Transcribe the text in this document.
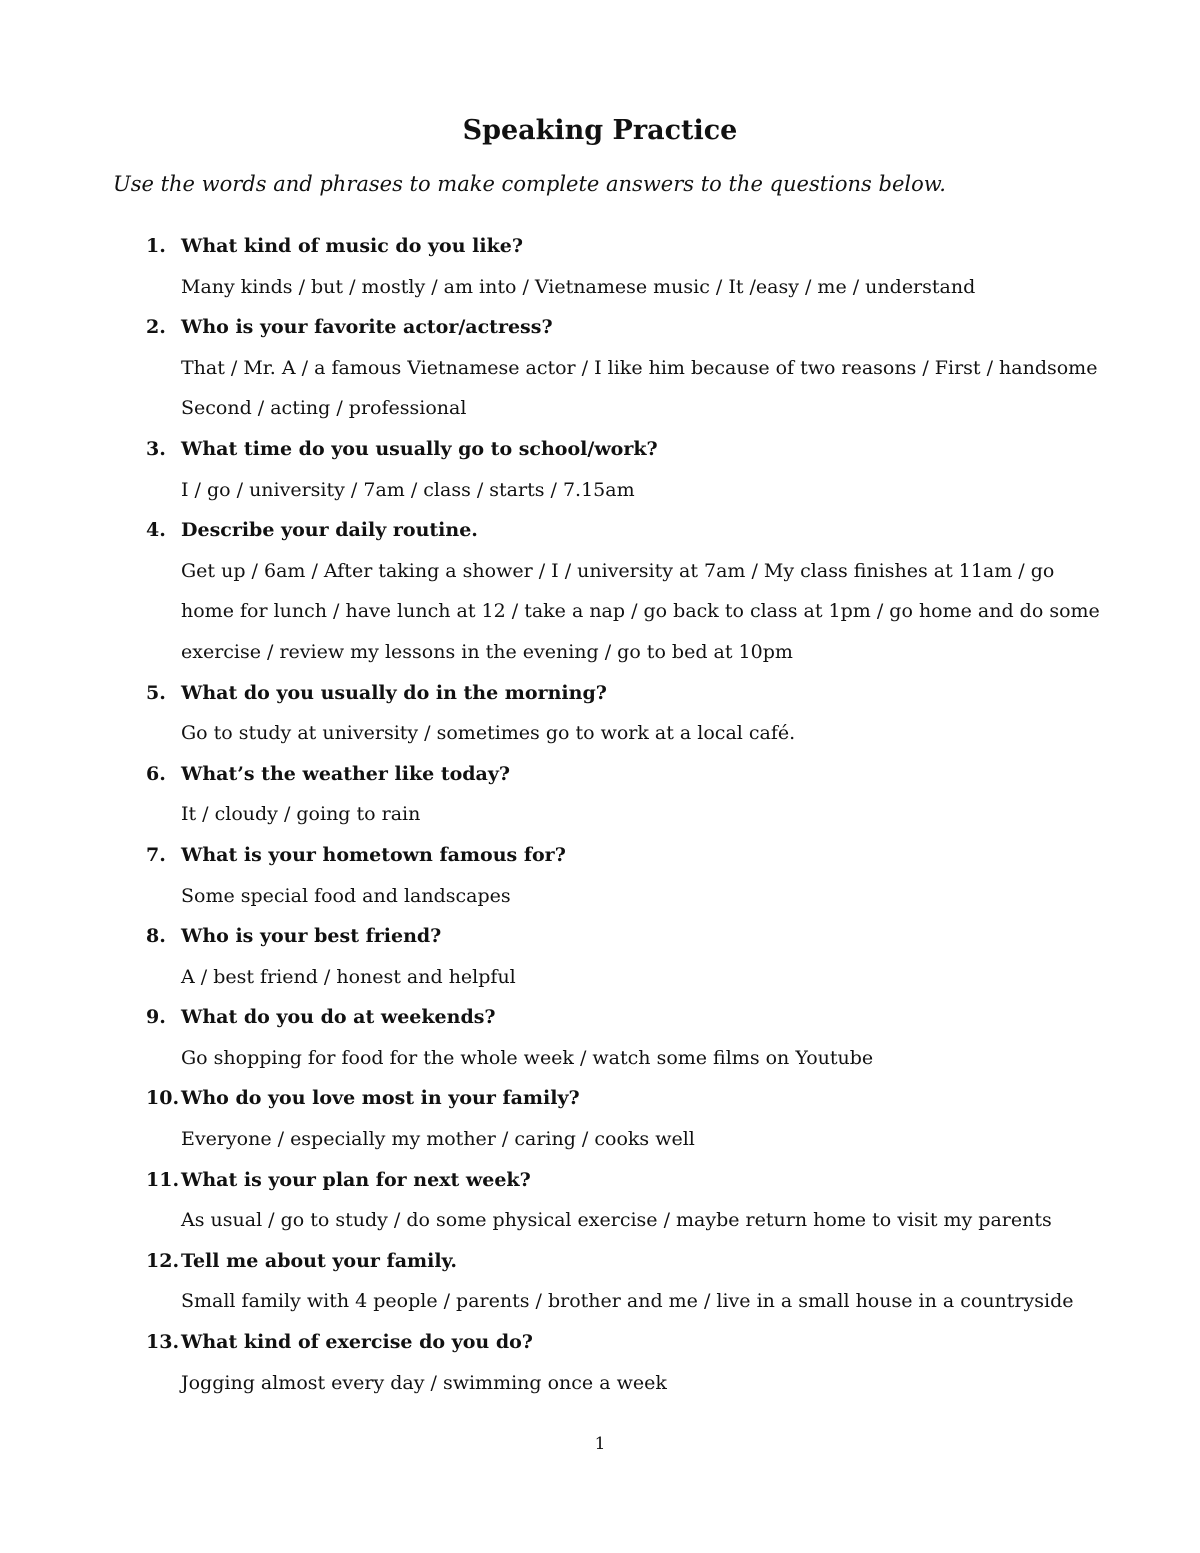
Speaking Practice
Use the words and phrases to make complete answers to the questions below.
1. What kind of music do you like?
Many kinds / but / mostly / am into / Vietnamese music / It /easy / me / understand
2. Who is your favorite actor/actress?
That / Mr. A / a famous Vietnamese actor / I like him because of two reasons / First / handsome Second / acting / professional
3. What time do you usually go to school/work?
I / go / university / 7am / class / starts / 7.15am
4. Describe your daily routine.
Get up / 6am / After taking a shower / I / university at 7am / My class finishes at 11am / go home for lunch / have lunch at 12 / take a nap / go back to class at 1pm / go home and do some exercise / review my lessons in the evening / go to bed at 10pm
5. What do you usually do in the morning?
Go to study at university / sometimes go to work at a local café.
6. What’s the weather like today?
It / cloudy / going to rain
7. What is your hometown famous for?
Some special food and landscapes
8. Who is your best friend?
A / best friend / honest and helpful
9. What do you do at weekends?
Go shopping for food for the whole week / watch some films on Youtube
10. Who do you love most in your family?
Everyone / especially my mother / caring / cooks well
11. What is your plan for next week?
As usual / go to study / do some physical exercise / maybe return home to visit my parents
12. Tell me about your family.
Small family with 4 people / parents / brother and me / live in a small house in a countryside
13. What kind of exercise do you do?
Jogging almost every day / swimming once a week
1
